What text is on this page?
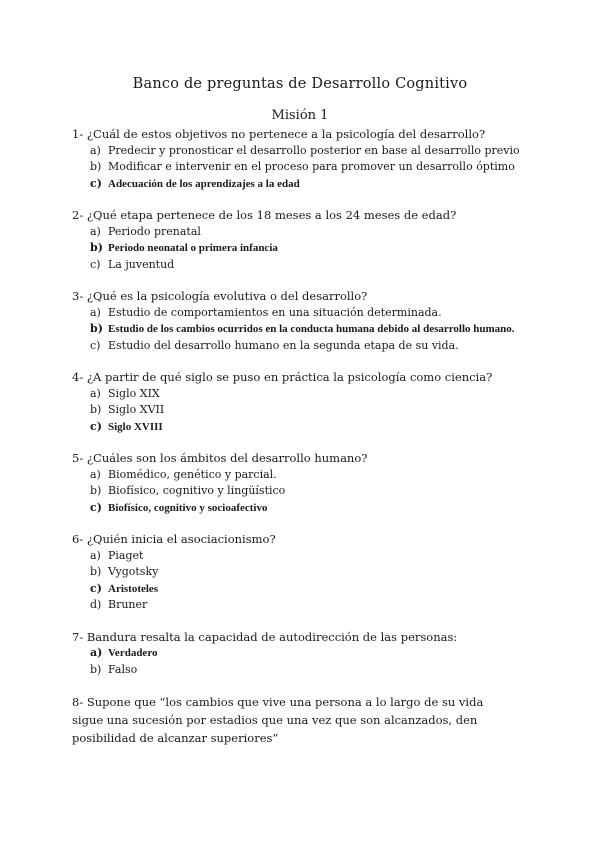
Banco de preguntas de Desarrollo Cognitivo
Misión 1
1- ¿Cuál de estos objetivos no pertenece a la psicología del desarrollo?
a) Predecir y pronosticar el desarrollo posterior en base al desarrollo previo
b) Modificar e intervenir en el proceso para promover un desarrollo óptimo
c) Adecuación de los aprendizajes a la edad
2- ¿Qué etapa pertenece de los 18 meses a los 24 meses de edad?
a) Periodo prenatal
b) Periodo neonatal o primera infancia
c) La juventud
3- ¿Qué es la psicología evolutiva o del desarrollo?
a) Estudio de comportamientos en una situación determinada.
b) Estudio de los cambios ocurridos en la conducta humana debido al desarrollo humano.
c) Estudio del desarrollo humano en la segunda etapa de su vida.
4- ¿A partir de qué siglo se puso en práctica la psicología como ciencia?
a) Siglo XIX
b) Siglo XVII
c) Siglo XVIII
5- ¿Cuáles son los ámbitos del desarrollo humano?
a) Biomédico, genético y parcial.
b) Biofísico, cognitivo y lingüístico
c) Biofísico, cognitivo y socioafectivo
6- ¿Quién inicia el asociacionismo?
a) Piaget
b) Vygotsky
c) Aristoteles
d) Bruner
7- Bandura resalta la capacidad de autodirección de las personas:
a) Verdadero
b) Falso
8- Supone que “los cambios que vive una persona a lo largo de su vida sigue una sucesión por estadios que una vez que son alcanzados, den posibilidad de alcanzar superiores”
